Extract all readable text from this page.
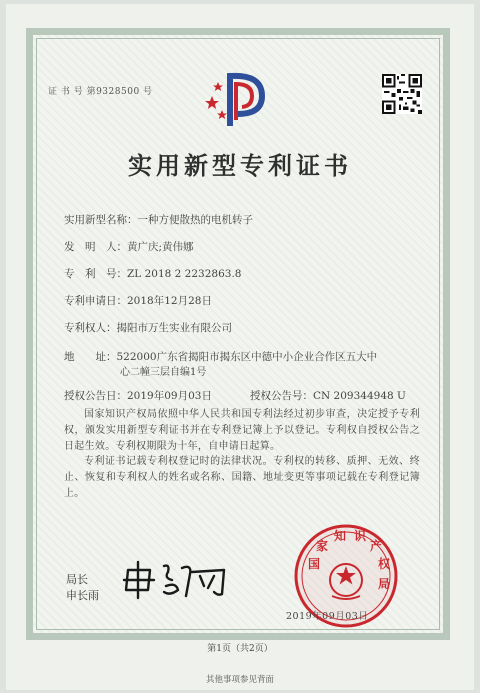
证 书 号 第9328500 号
实用新型专利证书
实用新型名称：一种方便散热的电机转子
发　明　人：黄广庆;黄伟娜
专　利　号：ZL 2018 2 2232863.8
专利申请日：2018年12月28日
专利权人：揭阳市万生实业有限公司
地　　址：522000广东省揭阳市揭东区中德中小企业合作区五大中
心二幢三层自编1号
授权公告日：2019年09月03日	授权公告号：CN 209344948 U
国家知识产权局依照中华人民共和国专利法经过初步审查，决定授予专利权，颁发实用新型专利证书并在专利登记簿上予以登记。专利权自授权公告之日起生效。专利权期限为十年，自申请日起算。
专利证书记载专利权登记时的法律状况。专利权的转移、质押、无效、终止、恢复和专利权人的姓名或名称、国籍、地址变更等事项记载在专利登记簿上。
局长
申长雨
国
家
知 识
产
权
局
2019年09月03日
第1页（共2页）
其他事项参见背面
